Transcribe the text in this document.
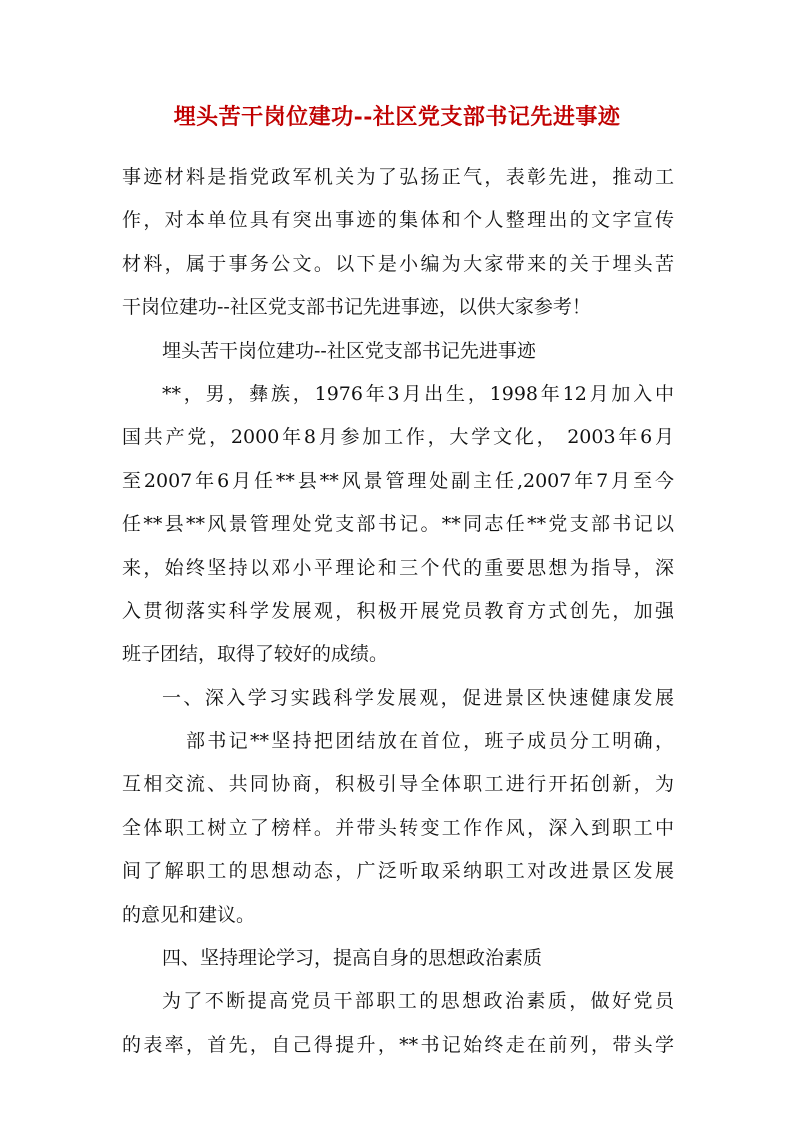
埋头苦干岗位建功--社区党支部书记先进事迹
事迹材料是指党政军机关为了弘扬正气，表彰先进，推动工
作，对本单位具有突出事迹的集体和个人整理出的文字宣传
材料，属于事务公文。以下是小编为大家带来的关于埋头苦
干岗位建功--社区党支部书记先进事迹，以供大家参考！
埋头苦干岗位建功--社区党支部书记先进事迹
**，男，彝族，1976年3月出生，1998年12月加入中
国共产党，2000年8月参加工作，大学文化， 2003年6月
至2007年6月任**县**风景管理处副主任,2007年7月至今
任**县**风景管理处党支部书记。**同志任**党支部书记以
来，始终坚持以邓小平理论和三个代的重要思想为指导，深
入贯彻落实科学发展观，积极开展党员教育方式创先，加强
班子团结，取得了较好的成绩。
一、深入学习实践科学发展观，促进景区快速健康发展
部书记**坚持把团结放在首位，班子成员分工明确，
互相交流、共同协商，积极引导全体职工进行开拓创新，为
全体职工树立了榜样。并带头转变工作作风，深入到职工中
间了解职工的思想动态，广泛听取采纳职工对改进景区发展
的意见和建议。
四、坚持理论学习，提高自身的思想政治素质
为了不断提高党员干部职工的思想政治素质，做好党员
的表率，首先，自己得提升，**书记始终走在前列，带头学
